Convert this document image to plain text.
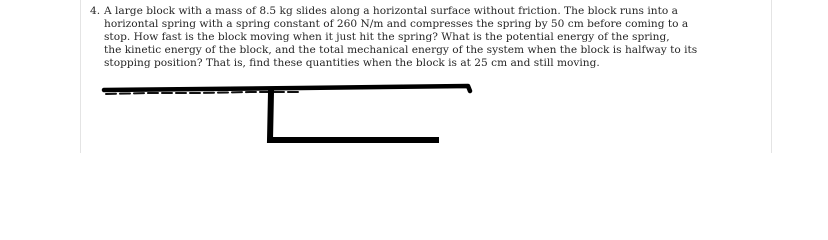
4. A large block with a mass of 8.5 kg slides along a horizontal surface without friction. The block runs into a
horizontal spring with a spring constant of 260 N/m and compresses the spring by 50 cm before coming to a
stop. How fast is the block moving when it just hit the spring? What is the potential energy of the spring,
the kinetic energy of the block, and the total mechanical energy of the system when the block is halfway to its
stopping position? That is, find these quantities when the block is at 25 cm and still moving.
